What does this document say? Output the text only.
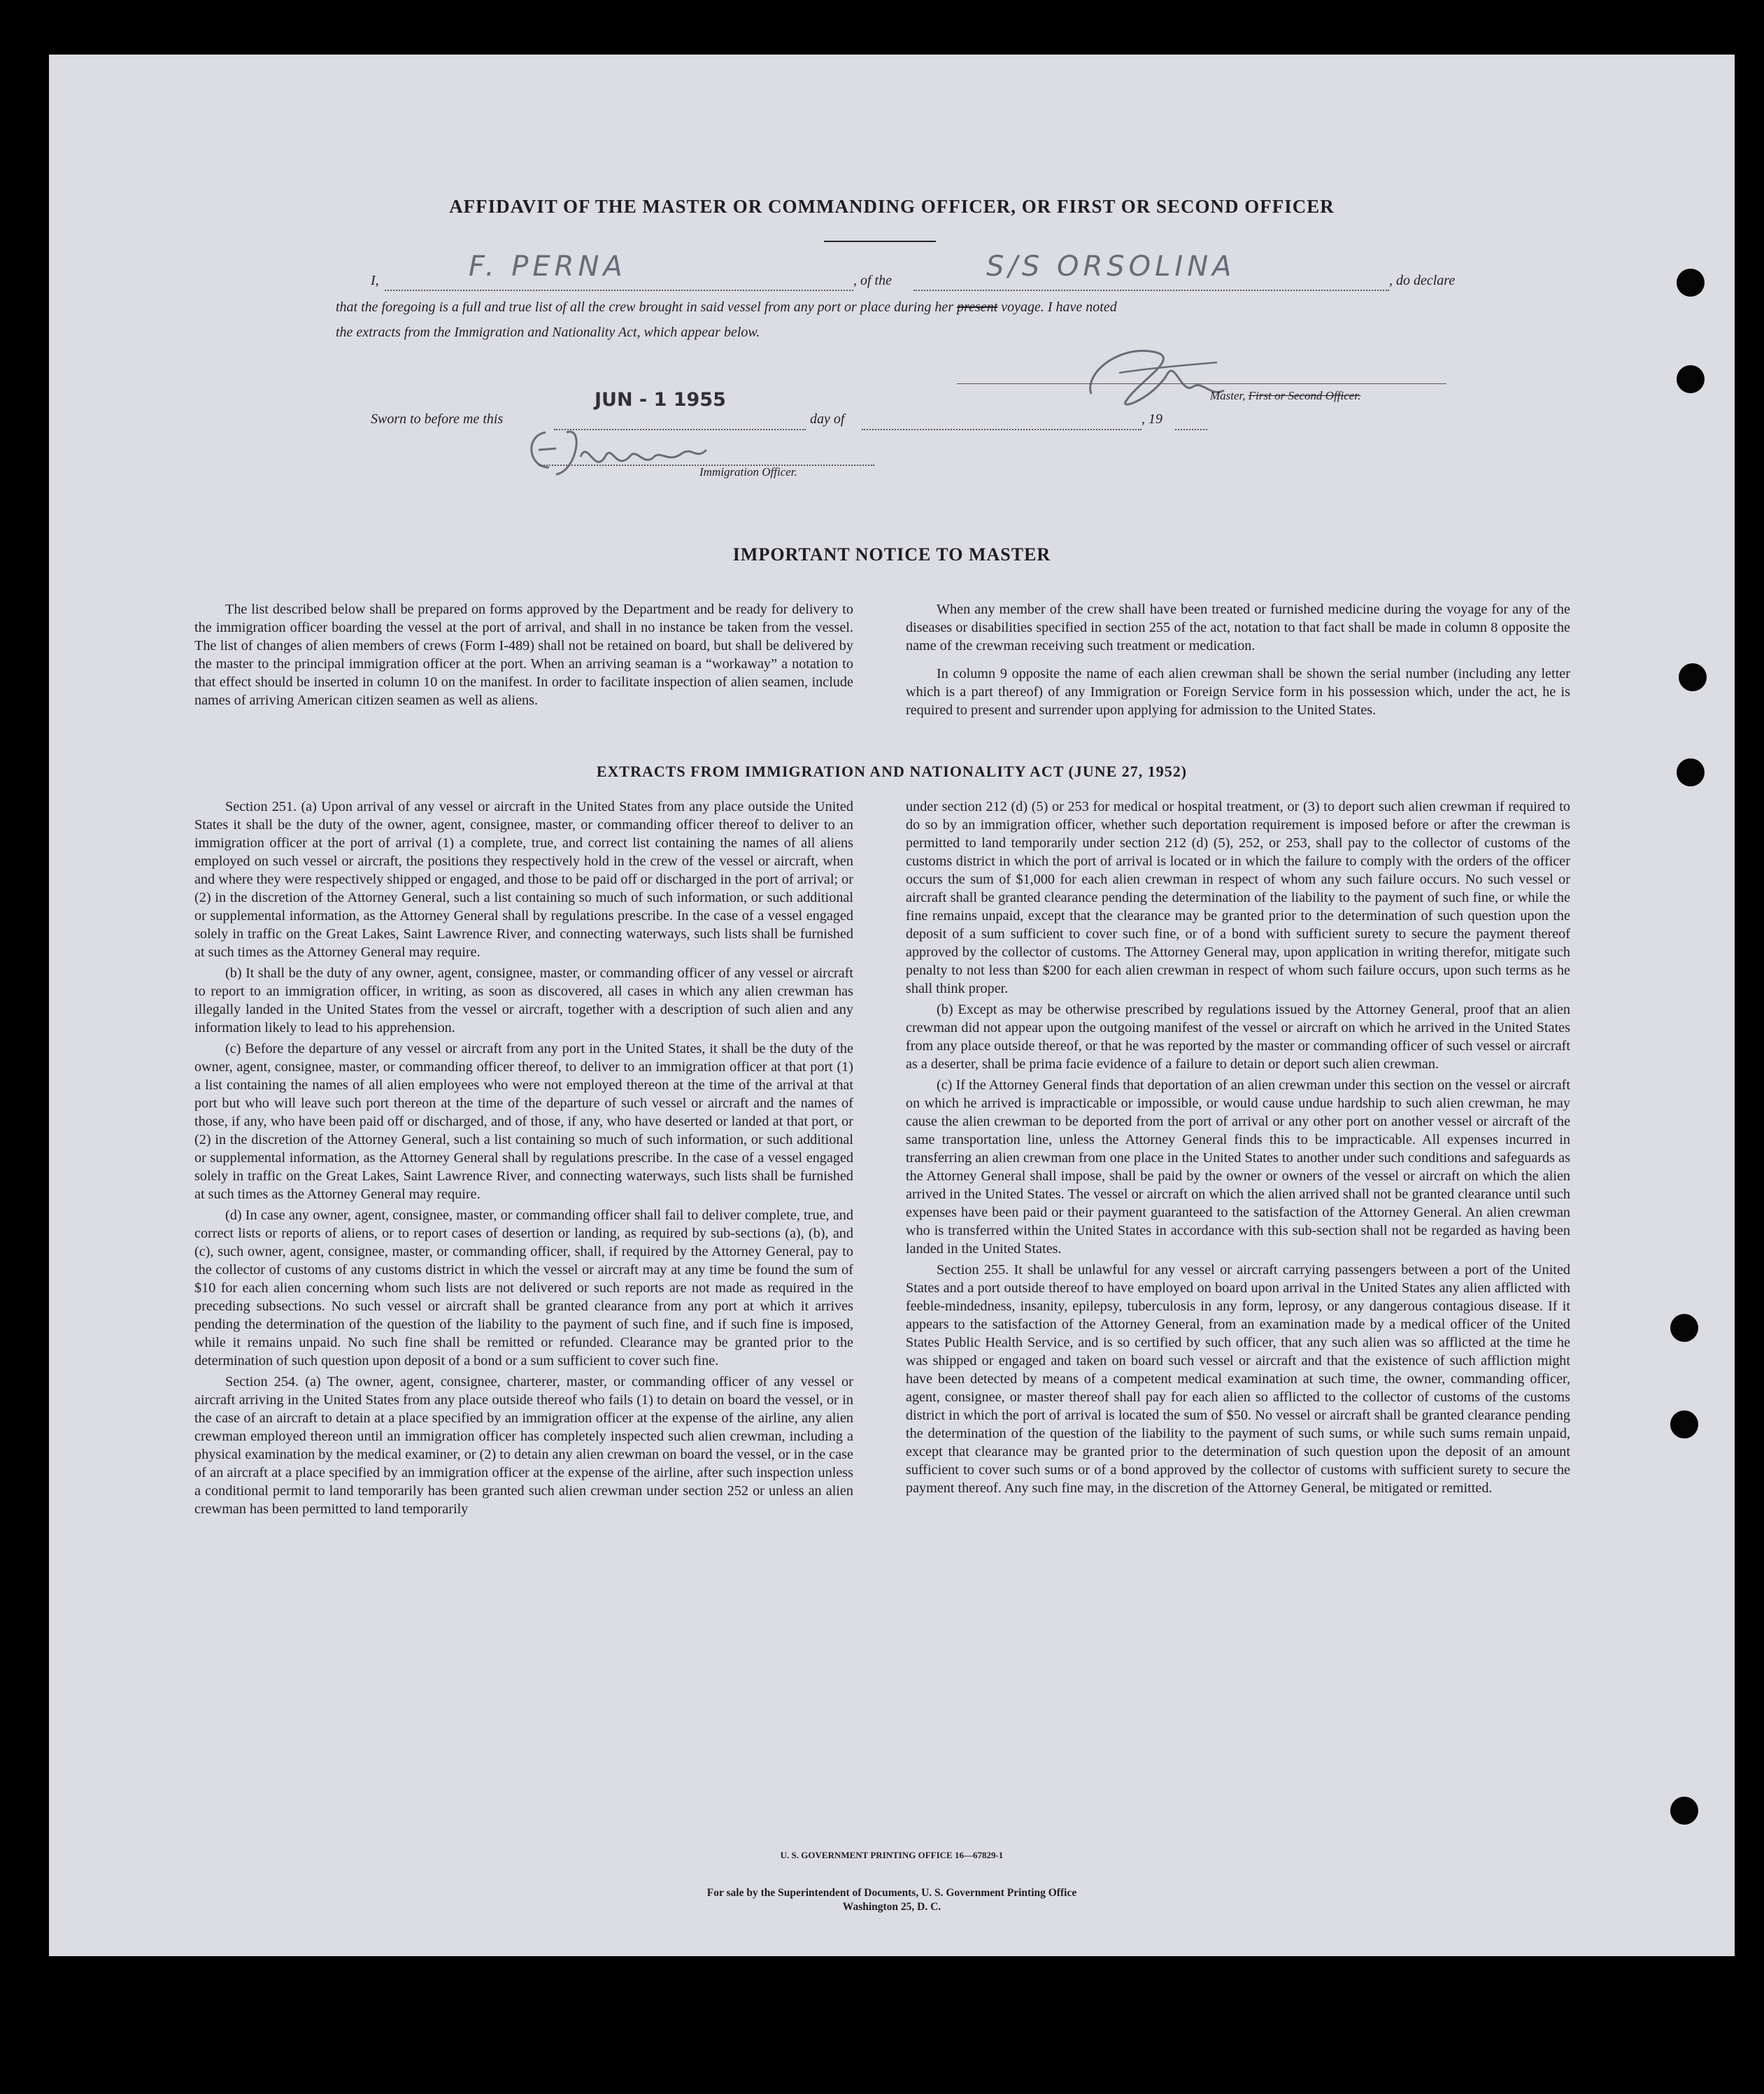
AFFIDAVIT OF THE MASTER OR COMMANDING OFFICER, OR FIRST OR SECOND OFFICER
I,	F. PERNA	, of the	S/S ORSOLINA	, do declare
that the foregoing is a full and true list of all the crew brought in said vessel from any port or place during her present voyage. I have noted
the extracts from the Immigration and Nationality Act, which appear below.
Master, First or Second Officer.
Sworn to before me this
JUN - 1 1955
day of	, 19
Immigration Officer.
IMPORTANT NOTICE TO MASTER

The list described below shall be prepared on forms approved by the Department and be ready for delivery to the immigration officer boarding the vessel at the port of arrival, and shall in no instance be taken from the vessel. The list of changes of alien members of crews (Form I-489) shall not be retained on board, but shall be delivered by the master to the principal immigration officer at the port. When an arriving seaman is a “workaway” a notation to that effect should be inserted in column 10 on the manifest. In order to facilitate inspection of alien seamen, include names of arriving American citizen seamen as well as aliens.

When any member of the crew shall have been treated or furnished medicine during the voyage for any of the diseases or disabilities specified in section 255 of the act, notation to that fact shall be made in column 8 opposite the name of the crewman receiving such treatment or medication.

In column 9 opposite the name of each alien crewman shall be shown the serial number (including any letter which is a part thereof) of any Immigration or Foreign Service form in his possession which, under the act, he is required to present and surrender upon applying for admission to the United States.

EXTRACTS FROM IMMIGRATION AND NATIONALITY ACT (JUNE 27, 1952)

Section 251. (a) Upon arrival of any vessel or aircraft in the United States from any place outside the United States it shall be the duty of the owner, agent, consignee, master, or commanding officer thereof to deliver to an immigration officer at the port of arrival (1) a complete, true, and correct list containing the names of all aliens employed on such vessel or aircraft, the positions they respectively hold in the crew of the vessel or aircraft, when and where they were respectively shipped or engaged, and those to be paid off or discharged in the port of arrival; or (2) in the discretion of the Attorney General, such a list containing so much of such information, or such additional or supplemental information, as the Attorney General shall by regulations prescribe. In the case of a vessel engaged solely in traffic on the Great Lakes, Saint Lawrence River, and connecting waterways, such lists shall be furnished at such times as the Attorney General may require.

(b) It shall be the duty of any owner, agent, consignee, master, or commanding officer of any vessel or aircraft to report to an immigration officer, in writing, as soon as discovered, all cases in which any alien crewman has illegally landed in the United States from the vessel or aircraft, together with a description of such alien and any information likely to lead to his apprehension.

(c) Before the departure of any vessel or aircraft from any port in the United States, it shall be the duty of the owner, agent, consignee, master, or commanding officer thereof, to deliver to an immigration officer at that port (1) a list containing the names of all alien employees who were not employed thereon at the time of the arrival at that port but who will leave such port thereon at the time of the departure of such vessel or aircraft and the names of those, if any, who have been paid off or discharged, and of those, if any, who have deserted or landed at that port, or (2) in the discretion of the Attorney General, such a list containing so much of such information, or such additional or supplemental information, as the Attorney General shall by regulations prescribe. In the case of a vessel engaged solely in traffic on the Great Lakes, Saint Lawrence River, and connecting waterways, such lists shall be furnished at such times as the Attorney General may require.

(d) In case any owner, agent, consignee, master, or commanding officer shall fail to deliver complete, true, and correct lists or reports of aliens, or to report cases of desertion or landing, as required by sub-sections (a), (b), and (c), such owner, agent, consignee, master, or commanding officer, shall, if required by the Attorney General, pay to the collector of customs of any customs district in which the vessel or aircraft may at any time be found the sum of $10 for each alien concerning whom such lists are not delivered or such reports are not made as required in the preceding subsections. No such vessel or aircraft shall be granted clearance from any port at which it arrives pending the determination of the question of the liability to the payment of such fine, and if such fine is imposed, while it remains unpaid. No such fine shall be remitted or refunded. Clearance may be granted prior to the determination of such question upon deposit of a bond or a sum sufficient to cover such fine.

Section 254. (a) The owner, agent, consignee, charterer, master, or commanding officer of any vessel or aircraft arriving in the United States from any place outside thereof who fails (1) to detain on board the vessel, or in the case of an aircraft to detain at a place specified by an immigration officer at the expense of the airline, any alien crewman employed thereon until an immigration officer has completely inspected such alien crewman, including a physical examination by the medical examiner, or (2) to detain any alien crewman on board the vessel, or in the case of an aircraft at a place specified by an immigration officer at the expense of the airline, after such inspection unless a conditional permit to land temporarily has been granted such alien crewman under section 252 or unless an alien crewman has been permitted to land temporarily

under section 212 (d) (5) or 253 for medical or hospital treatment, or (3) to deport such alien crewman if required to do so by an immigration officer, whether such deportation requirement is imposed before or after the crewman is permitted to land temporarily under section 212 (d) (5), 252, or 253, shall pay to the collector of customs of the customs district in which the port of arrival is located or in which the failure to comply with the orders of the officer occurs the sum of $1,000 for each alien crewman in respect of whom any such failure occurs. No such vessel or aircraft shall be granted clearance pending the determination of the liability to the payment of such fine, or while the fine remains unpaid, except that the clearance may be granted prior to the determination of such question upon the deposit of a sum sufficient to cover such fine, or of a bond with sufficient surety to secure the payment thereof approved by the collector of customs. The Attorney General may, upon application in writing therefor, mitigate such penalty to not less than $200 for each alien crewman in respect of whom such failure occurs, upon such terms as he shall think proper.

(b) Except as may be otherwise prescribed by regulations issued by the Attorney General, proof that an alien crewman did not appear upon the outgoing manifest of the vessel or aircraft on which he arrived in the United States from any place outside thereof, or that he was reported by the master or commanding officer of such vessel or aircraft as a deserter, shall be prima facie evidence of a failure to detain or deport such alien crewman.

(c) If the Attorney General finds that deportation of an alien crewman under this section on the vessel or aircraft on which he arrived is impracticable or impossible, or would cause undue hardship to such alien crewman, he may cause the alien crewman to be deported from the port of arrival or any other port on another vessel or aircraft of the same transportation line, unless the Attorney General finds this to be impracticable. All expenses incurred in transferring an alien crewman from one place in the United States to another under such conditions and safeguards as the Attorney General shall impose, shall be paid by the owner or owners of the vessel or aircraft on which the alien arrived in the United States. The vessel or aircraft on which the alien arrived shall not be granted clearance until such expenses have been paid or their payment guaranteed to the satisfaction of the Attorney General. An alien crewman who is transferred within the United States in accordance with this sub-section shall not be regarded as having been landed in the United States.

Section 255. It shall be unlawful for any vessel or aircraft carrying passengers between a port of the United States and a port outside thereof to have employed on board upon arrival in the United States any alien afflicted with feeble-mindedness, insanity, epilepsy, tuberculosis in any form, leprosy, or any dangerous contagious disease. If it appears to the satisfaction of the Attorney General, from an examination made by a medical officer of the United States Public Health Service, and is so certified by such officer, that any such alien was so afflicted at the time he was shipped or engaged and taken on board such vessel or aircraft and that the existence of such affliction might have been detected by means of a competent medical examination at such time, the owner, commanding officer, agent, consignee, or master thereof shall pay for each alien so afflicted to the collector of customs of the customs district in which the port of arrival is located the sum of $50. No vessel or aircraft shall be granted clearance pending the determination of the question of the liability to the payment of such sums, or while such sums remain unpaid, except that clearance may be granted prior to the determination of such question upon the deposit of an amount sufficient to cover such sums or of a bond approved by the collector of customs with sufficient surety to secure the payment thereof. Any such fine may, in the discretion of the Attorney General, be mitigated or remitted.

U. S. GOVERNMENT PRINTING OFFICE 16—67829-1
For sale by the Superintendent of Documents, U. S. Government Printing Office
Washington 25, D. C.
